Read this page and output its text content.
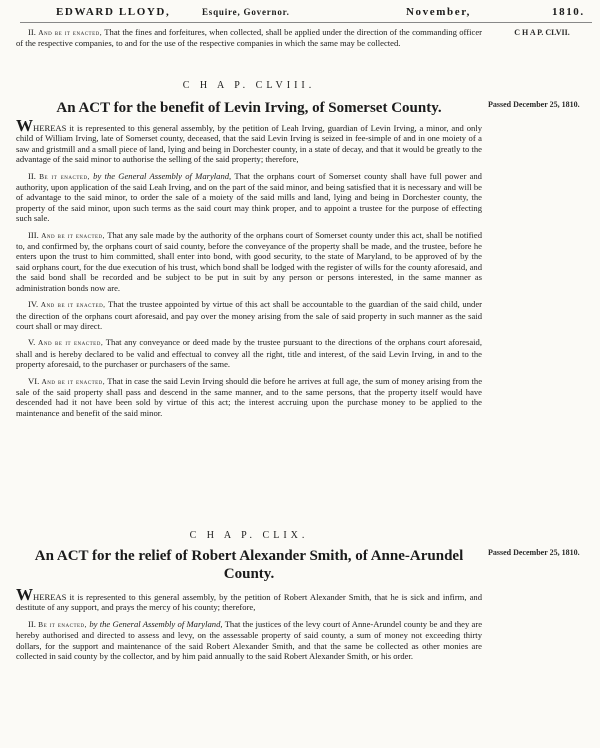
EDWARD LLOYD,	Esquire, Governor.	November,	1810.

II. And be it enacted, That the fines and forfeitures, when collected, shall be applied under the direction of the commanding officer of the respective companies, to and for the use of the respective companies in which the same may be collected.

C H A P. CLVII.
C H A P. CLVIII.
An ACT for the benefit of Levin Irving, of Somerset County.	Passed December 25, 1810.

WHEREAS it is represented to this general assembly, by the petition of Leah Irving, guardian of Levin Irving, a minor, and only child of William Irving, late of Somerset county, deceased, that the said Levin Irving is seized in fee-simple of and in one moiety of a saw and gristmill and a small piece of land, lying and being in Dorchester county, in a state of decay, and that it would be greatly to the advantage of the said minor to authorise the selling of the said property; therefore,

II. Be it enacted, by the General Assembly of Maryland, That the orphans court of Somerset county shall have full power and authority, upon application of the said Leah Irving, and on the part of the said minor, and being satisfied that it is necessary and will be of advantage to the said minor, to order the sale of a moiety of the said mills and land, lying and being in Dorchester county, the property of the said minor, upon such terms as the said court may think proper, and to appoint a trustee for the purpose of effecting such sale.

III. And be it enacted, That any sale made by the authority of the orphans court of Somerset county under this act, shall be notified to, and confirmed by, the orphans court of said county, before the conveyance of the property shall be made, and the trustee, before he enters upon the trust to him committed, shall enter into bond, with good security, to the state of Maryland, to be approved of by the said orphans court, for the due execution of his trust, which bond shall be lodged with the register of wills for the county aforesaid, and the said bond shall be recorded and be subject to be put in suit by any person or persons interested, in the same manner as administration bonds now are.

IV. And be it enacted, That the trustee appointed by virtue of this act shall be accountable to the guardian of the said child, under the direction of the orphans court aforesaid, and pay over the money arising from the sale of said property in such manner as the said court shall or may direct.

V. And be it enacted, That any conveyance or deed made by the trustee pursuant to the directions of the orphans court aforesaid, shall and is hereby declared to be valid and effectual to convey all the right, title and interest, of the said Levin Irving, in and to the property aforesaid, to the purchaser or purchasers of the same.

VI. And be it enacted, That in case the said Levin Irving should die before he arrives at full age, the sum of money arising from the sale of the said property shall pass and descend in the same manner, and to the same persons, that the property itself would have descended had it not have been sold by virtue of this act; the interest accruing upon the purchase money to be applied to the maintenance and benefit of the said minor.

C H A P. CLIX.
An ACT for the relief of Robert Alexander Smith, of Anne-Arundel County.
Passed December 25, 1810.

WHEREAS it is represented to this general assembly, by the petition of Robert Alexander Smith, that he is sick and infirm, and destitute of any support, and prays the mercy of his county; therefore,

II. Be it enacted, by the General Assembly of Maryland, That the justices of the levy court of Anne-Arundel county be and they are hereby authorised and directed to assess and levy, on the assessable property of said county, a sum of money not exceeding thirty dollars, for the support and maintenance of the said Robert Alexander Smith, and that the same be collected as other monies are collected in said county by the collector, and by him paid annually to the said Robert Alexander Smith, or his order.
